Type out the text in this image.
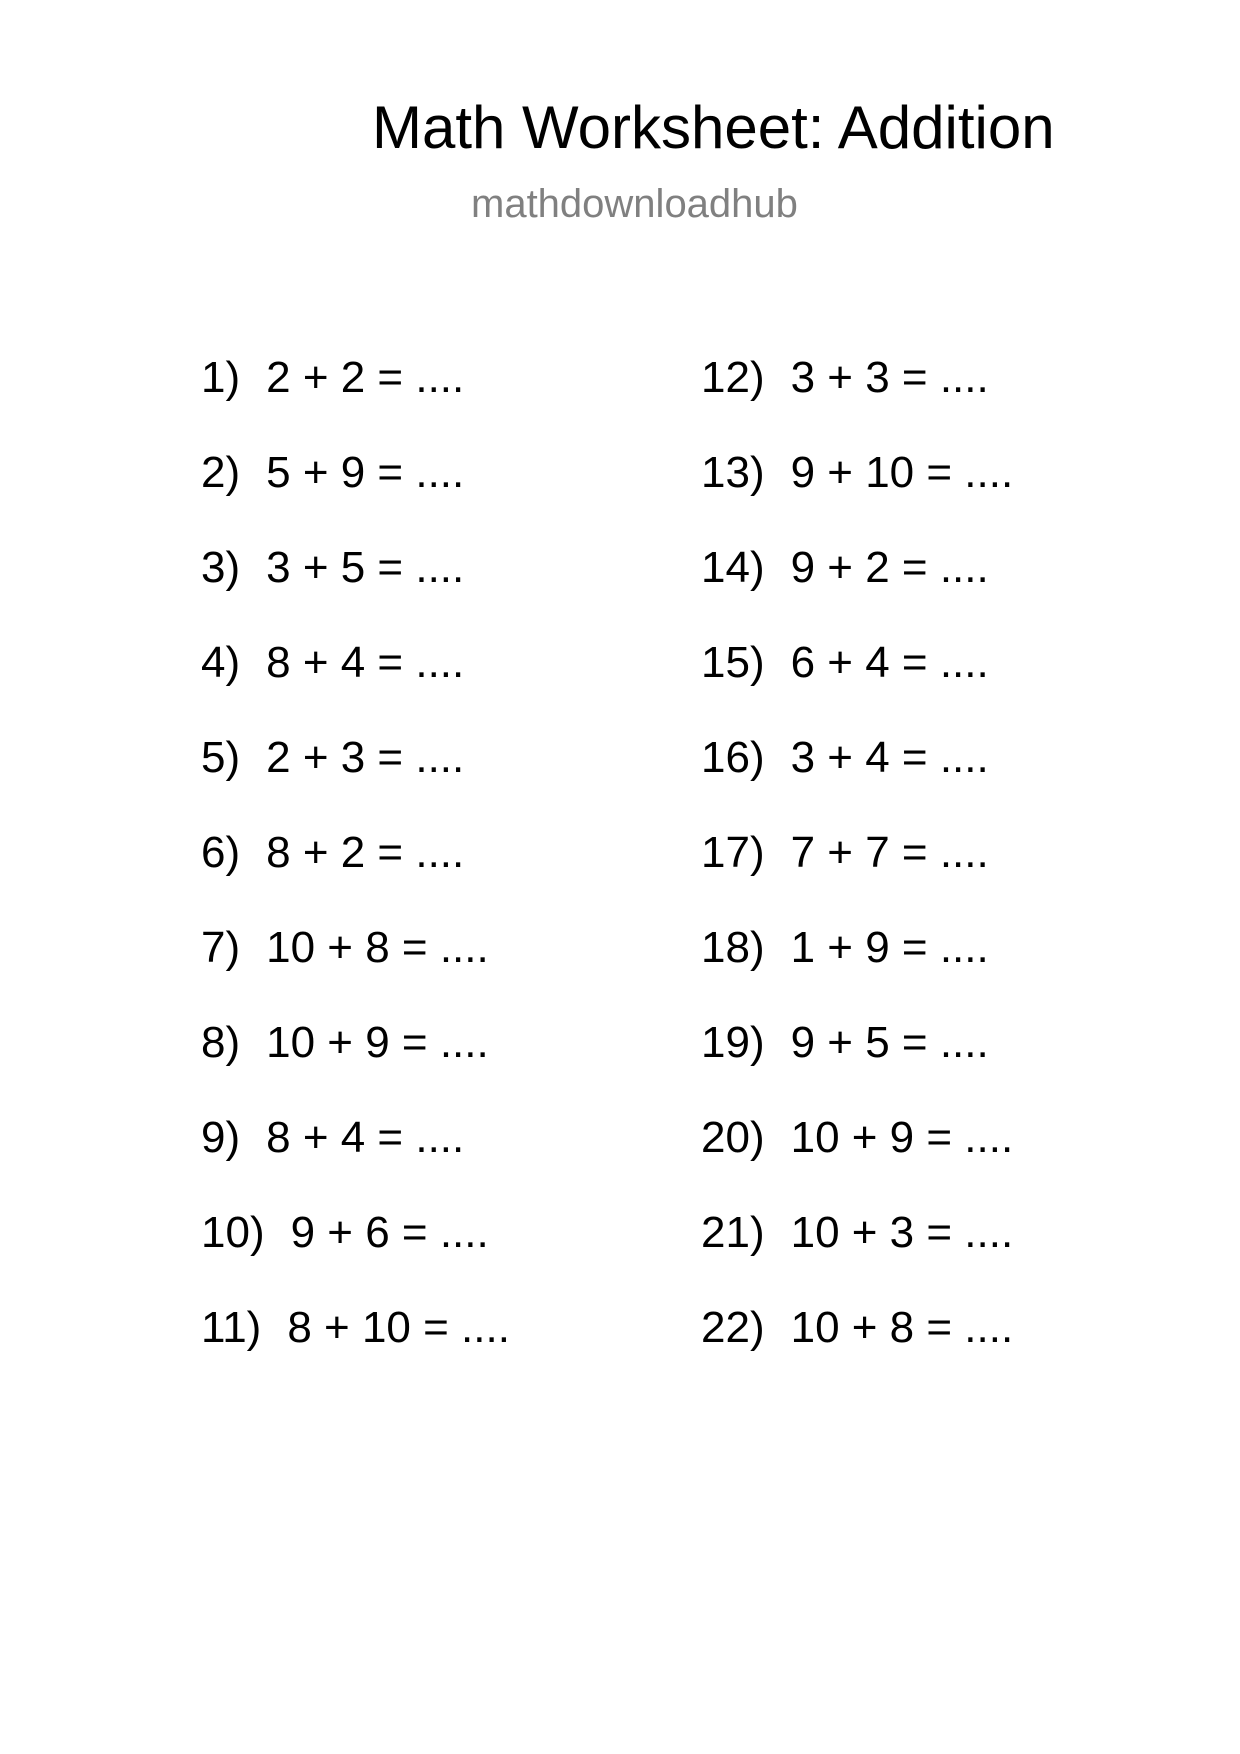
Math Worksheet: Addition
mathdownloadhub
1) 2 + 2 = ....
2) 5 + 9 = ....
3) 3 + 5 = ....
4) 8 + 4 = ....
5) 2 + 3 = ....
6) 8 + 2 = ....
7) 10 + 8 = ....
8) 10 + 9 = ....
9) 8 + 4 = ....
10) 9 + 6 = ....
11) 8 + 10 = ....
12) 3 + 3 = ....
13) 9 + 10 = ....
14) 9 + 2 = ....
15) 6 + 4 = ....
16) 3 + 4 = ....
17) 7 + 7 = ....
18) 1 + 9 = ....
19) 9 + 5 = ....
20) 10 + 9 = ....
21) 10 + 3 = ....
22) 10 + 8 = ....
